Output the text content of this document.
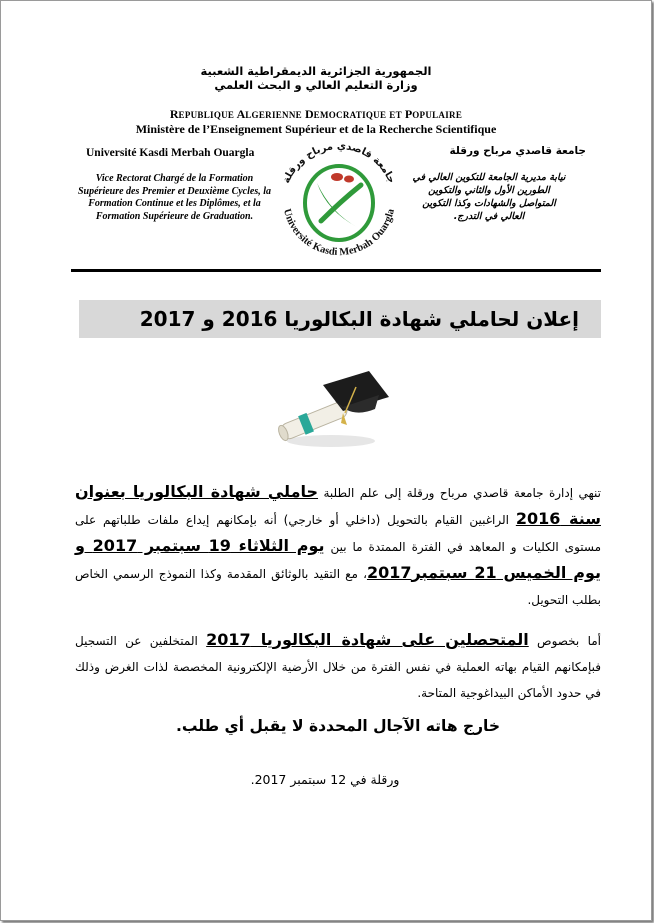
الجمهورية الجزائرية الديمقراطية الشعبية
وزارة التعليم العالي و البحث العلمي
REPUBLIQUE ALGERIENNE DEMOCRATIQUE ET POPULAIRE
Ministère de l’Enseignement Supérieur et de la Recherche Scientifique
Université Kasdi Merbah Ouargla
Vice Rectorat Chargé de la Formation Supérieure des Premier et Deuxième Cycles, la Formation Continue et les Diplômes, et la Formation Supérieure de Graduation.
جامعة قاصدي مرباح ورقلة
نيابة مديرية الجامعة للتكوين العالي في الطورين الأول والثاني والتكوين المتواصل والشهادات وكذا التكوين العالي في التدرج.
جامعة قاصدي مرباح ورقلة
Université Kasdi Merbah Ouargla
إعلان لحاملي شهادة البكالوريا 2016 و 2017
تنهي إدارة جامعة قاصدي مرباح ورقلة إلى علم الطلبة حاملي شهادة البكالوريا بعنوان سنة 2016 الراغبين القيام بالتحويل (داخلي أو خارجي) أنه بإمكانهم إيداع ملفات طلباتهم على مستوى الكليات و المعاهد في الفترة الممتدة ما بين يوم الثلاثاء 19 سبتمبر 2017 و يوم الخميس 21 سبتمبر2017، مع التقيد بالوثائق المقدمة وكذا النموذج الرسمي الخاص بطلب التحويل.
أما بخصوص المتحصلين على شهادة البكالوريا 2017 المتخلفين عن التسجيل فبإمكانهم القيام بهاته العملية في نفس الفترة من خلال الأرضية الإلكترونية المخصصة لذات الغرض وذلك في حدود الأماكن البيداغوجية المتاحة.
خارج هاته الآجال المحددة لا يقبل أي طلب.
ورقلة في 12 سبتمبر 2017.
